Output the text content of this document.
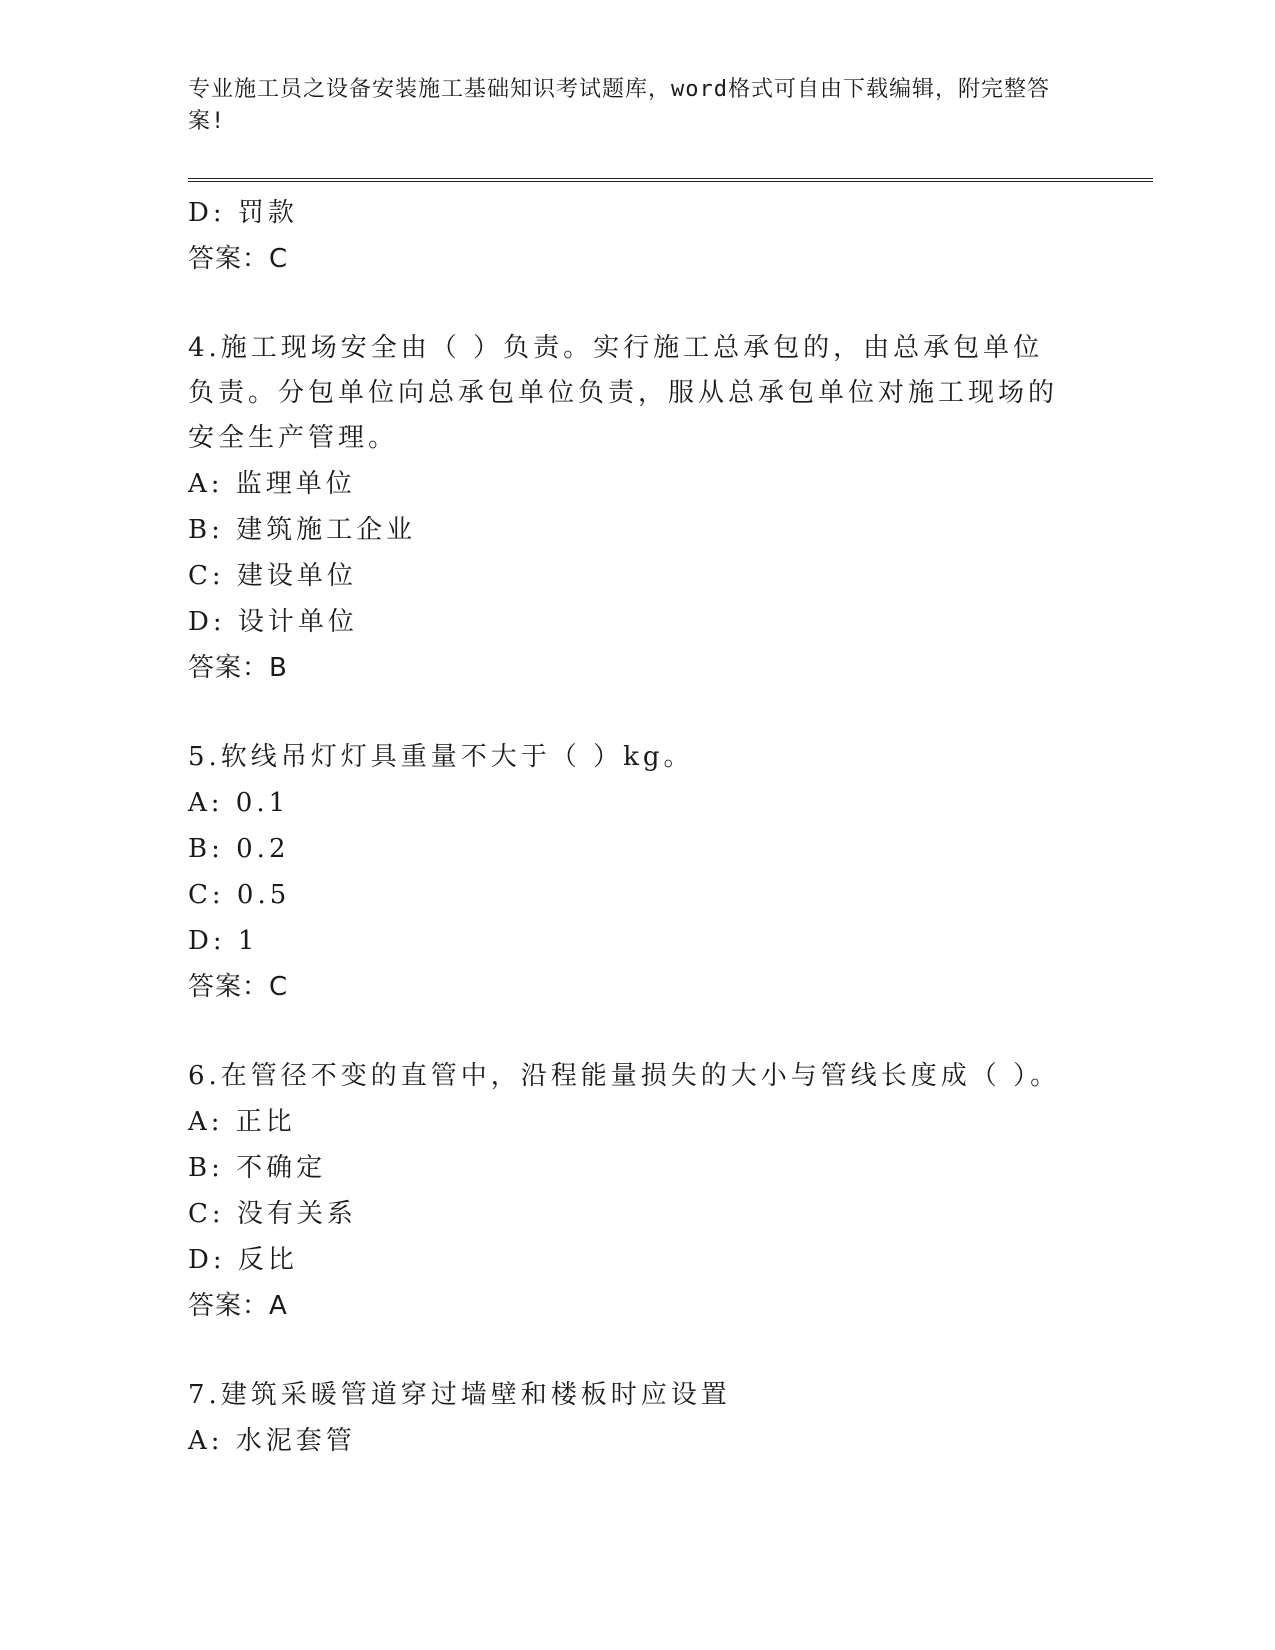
专业施工员之设备安装施工基础知识考试题库，word格式可自由下载编辑，附完整答案!
D: 罚款
答案：C
4.施工现场安全由（ ）负责。实行施工总承包的，由总承包单位负责。分包单位向总承包单位负责，服从总承包单位对施工现场的安全生产管理。
A: 监理单位
B: 建筑施工企业
C: 建设单位
D: 设计单位
答案：B
5.软线吊灯灯具重量不大于（ ）kg。
A: 0.1
B: 0.2
C: 0.5
D: 1
答案：C
6.在管径不变的直管中，沿程能量损失的大小与管线长度成（ ）。
A: 正比
B: 不确定
C: 没有关系
D: 反比
答案：A
7.建筑采暖管道穿过墙壁和楼板时应设置
A: 水泥套管
